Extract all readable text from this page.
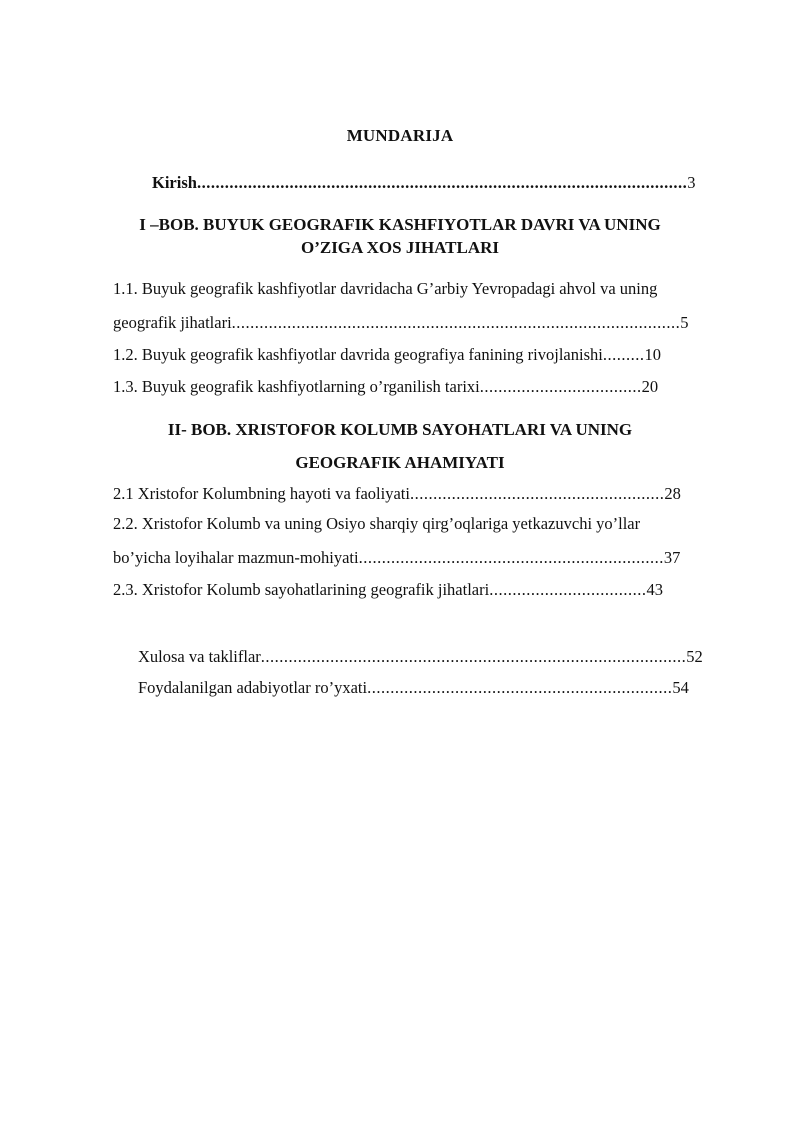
MUNDARIJA
Kirish..........................................................................................................3
I –BOB. BUYUK GEOGRAFIK KASHFIYOTLAR DAVRI VA UNING
O’ZIGA XOS JIHATLARI
1.1. Buyuk geografik kashfiyotlar davridacha G’arbiy Yevropadagi ahvol va uning
geografik jihatlari.................................................................................................5
1.2. Buyuk geografik kashfiyotlar davrida geografiya fanining rivojlanishi.........10
1.3. Buyuk geografik kashfiyotlarning o’rganilish tarixi...................................20
II- BOB. XRISTOFOR KOLUMB SAYOHATLARI VA UNING
GEOGRAFIK AHAMIYATI
2.1 Xristofor Kolumbning hayoti va faoliyati.......................................................28
2.2. Xristofor Kolumb va uning Osiyo sharqiy qirg’oqlariga yetkazuvchi yo’llar
bo’yicha loyihalar mazmun-mohiyati..................................................................37
2.3. Xristofor Kolumb sayohatlarining geografik jihatlari..................................43
Xulosa va takliflar............................................................................................52
Foydalanilgan adabiyotlar ro’yxati..................................................................54
